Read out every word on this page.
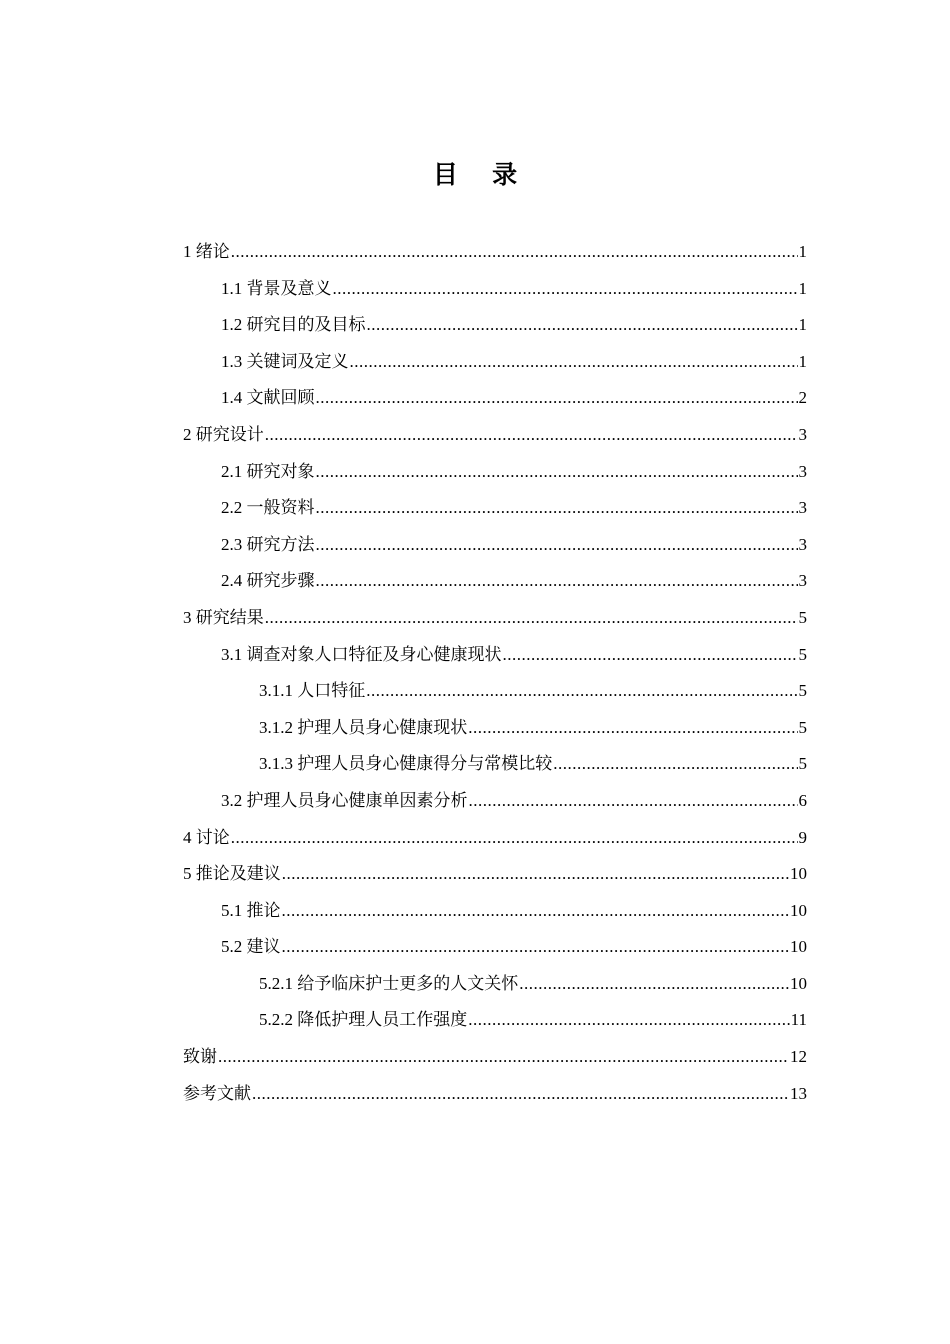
目 录
1 绪论 .....	1
1.1 背景及意义 .....	1
1.2 研究目的及目标 .....	1
1.3 关键词及定义 .....	1
1.4 文献回顾 .....	2
2 研究设计 .....	3
2.1 研究对象 .....	3
2.2 一般资料 .....	3
2.3 研究方法 .....	3
2.4 研究步骤 .....	3
3 研究结果 .....	5
3.1 调查对象人口特征及身心健康现状 .....	5
3.1.1 人口特征 .....	5
3.1.2 护理人员身心健康现状 .....	5
3.1.3 护理人员身心健康得分与常模比较 .....	5
3.2 护理人员身心健康单因素分析 .....	6
4 讨论 .....	9
5 推论及建议 .....	10
5.1 推论 .....	10
5.2 建议 .....	10
5.2.1 给予临床护士更多的人文关怀 .....	10
5.2.2 降低护理人员工作强度 .....	11
致谢 .....	12
参考文献 .....	13
